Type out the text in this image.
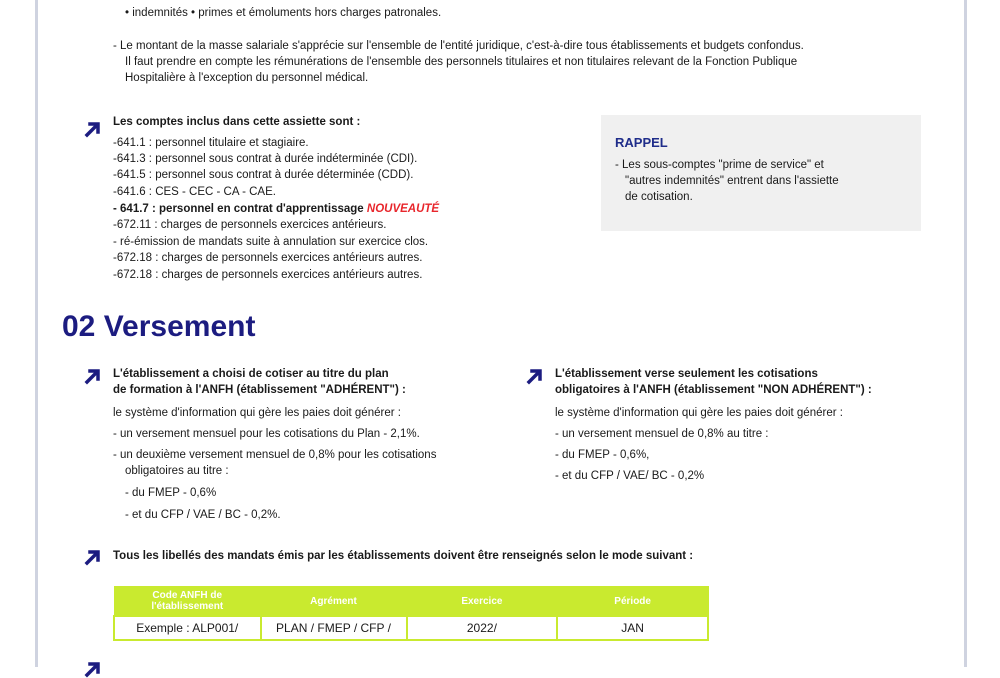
• indemnités • primes et émoluments hors charges patronales.
- Le montant de la masse salariale s'apprécie sur l'ensemble de l'entité juridique, c'est-à-dire tous établissements et budgets confondus.
Il faut prendre en compte les rémunérations de l'ensemble des personnels titulaires et non titulaires relevant de la Fonction Publique
Hospitalière à l'exception du personnel médical.
Les comptes inclus dans cette assiette sont :
-641.1 : personnel titulaire et stagiaire.
-641.3 : personnel sous contrat à durée indéterminée (CDI).
-641.5 : personnel sous contrat à durée déterminée (CDD).
-641.6 : CES - CEC - CA - CAE.
- 641.7 : personnel en contrat d'apprentissage NOUVEAUTÉ
-672.11 : charges de personnels exercices antérieurs.
- ré-émission de mandats suite à annulation sur exercice clos.
-672.18 : charges de personnels exercices antérieurs autres.
-672.18 : charges de personnels exercices antérieurs autres.
RAPPEL
- Les sous-comptes "prime de service" et
"autres indemnités" entrent dans l'assiette
de cotisation.
02 Versement
L'établissement a choisi de cotiser au titre du plan
de formation à l'ANFH (établissement "ADHÉRENT") :
le système d'information qui gère les paies doit générer :
- un versement mensuel pour les cotisations du Plan - 2,1%.
- un deuxième versement mensuel de 0,8% pour les cotisations
obligatoires au titre :
- du FMEP - 0,6%
- et du CFP / VAE / BC - 0,2%.
L'établissement verse seulement les cotisations
obligatoires à l'ANFH (établissement "NON ADHÉRENT") :
le système d'information qui gère les paies doit générer :
- un versement mensuel de 0,8% au titre :
- du FMEP - 0,6%,
- et du CFP / VAE/ BC - 0,2%
Tous les libellés des mandats émis par les établissements doivent être renseignés selon le mode suivant :
Code ANFH de l'établissement	Agrément	Exercice	Période
Exemple : ALP001/	PLAN / FMEP / CFP /	2022/	JAN
